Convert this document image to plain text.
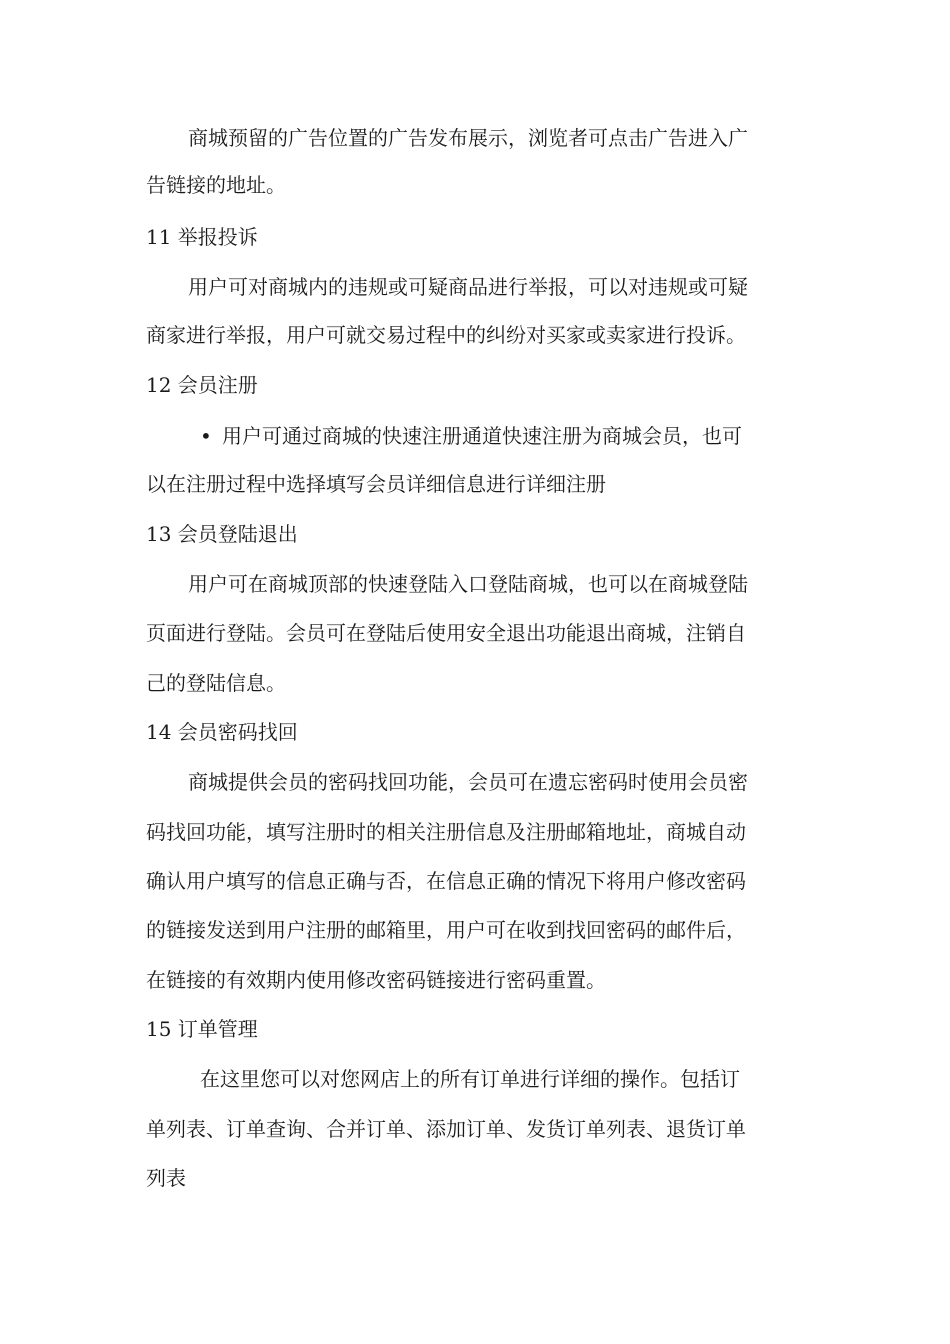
商城预留的广告位置的广告发布展示，浏览者可点击广告进入广
告链接的地址。
11 举报投诉
用户可对商城内的违规或可疑商品进行举报，可以对违规或可疑
商家进行举报，用户可就交易过程中的纠纷对买家或卖家进行投诉。
12 会员注册
• 用户可通过商城的快速注册通道快速注册为商城会员，也可
以在注册过程中选择填写会员详细信息进行详细注册
13 会员登陆退出
用户可在商城顶部的快速登陆入口登陆商城，也可以在商城登陆
页面进行登陆。会员可在登陆后使用安全退出功能退出商城，注销自
己的登陆信息。
14 会员密码找回
商城提供会员的密码找回功能，会员可在遗忘密码时使用会员密
码找回功能，填写注册时的相关注册信息及注册邮箱地址，商城自动
确认用户填写的信息正确与否，在信息正确的情况下将用户修改密码
的链接发送到用户注册的邮箱里，用户可在收到找回密码的邮件后，
在链接的有效期内使用修改密码链接进行密码重置。
15 订单管理
在这里您可以对您网店上的所有订单进行详细的操作。包括订
单列表、订单查询、合并订单、添加订单、发货订单列表、退货订单
列表
